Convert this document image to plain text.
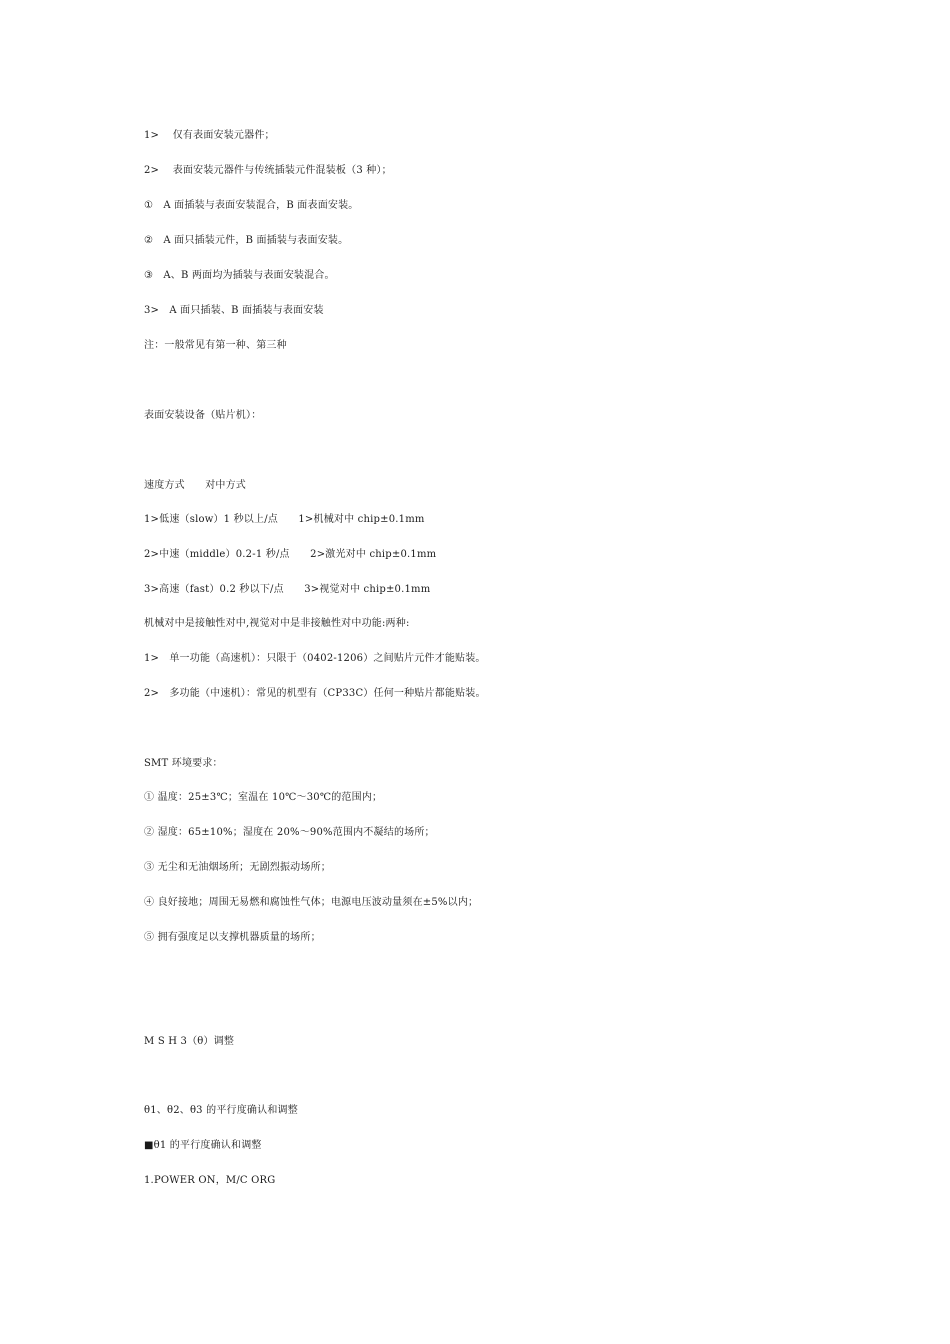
1>　 仅有表面安装元器件；
2>　 表面安装元器件与传统插装元件混装板（3 种）；
①　A 面插装与表面安装混合，B 面表面安装。
②　A 面只插装元件，B 面插装与表面安装。
③　A、B 两面均为插装与表面安装混合。
3>　A 面只插装、B 面插装与表面安装
注：一般常见有第一种、第三种
表面安装设备（贴片机）：
速度方式　　对中方式
1>低速（slow）1 秒以上/点　　1>机械对中 chip±0.1mm
2>中速（middle）0.2-1 秒/点　　2>激光对中 chip±0.1mm
3>高速（fast）0.2 秒以下/点　　3>视觉对中 chip±0.1mm
机械对中是接触性对中,视觉对中是非接触性对中功能:两种:
1>　单一功能（高速机）：只限于（0402-1206）之间贴片元件才能贴装。
2>　多功能（中速机）：常见的机型有（CP33C）任何一种贴片都能贴装。
SMT 环境要求：
① 温度：25±3℃；室温在 10℃～30℃的范围内；
② 湿度：65±10%；湿度在 20%～90%范围内不凝结的场所；
③ 无尘和无油烟场所；无剧烈振动场所；
④ 良好接地；周围无易燃和腐蚀性气体；电源电压波动量须在±5%以内；
⑤ 拥有强度足以支撑机器质量的场所；
M S H 3（θ）调整
θ1、θ2、θ3 的平行度确认和调整
■θ1 的平行度确认和调整
1.POWER ON，M/C ORG
